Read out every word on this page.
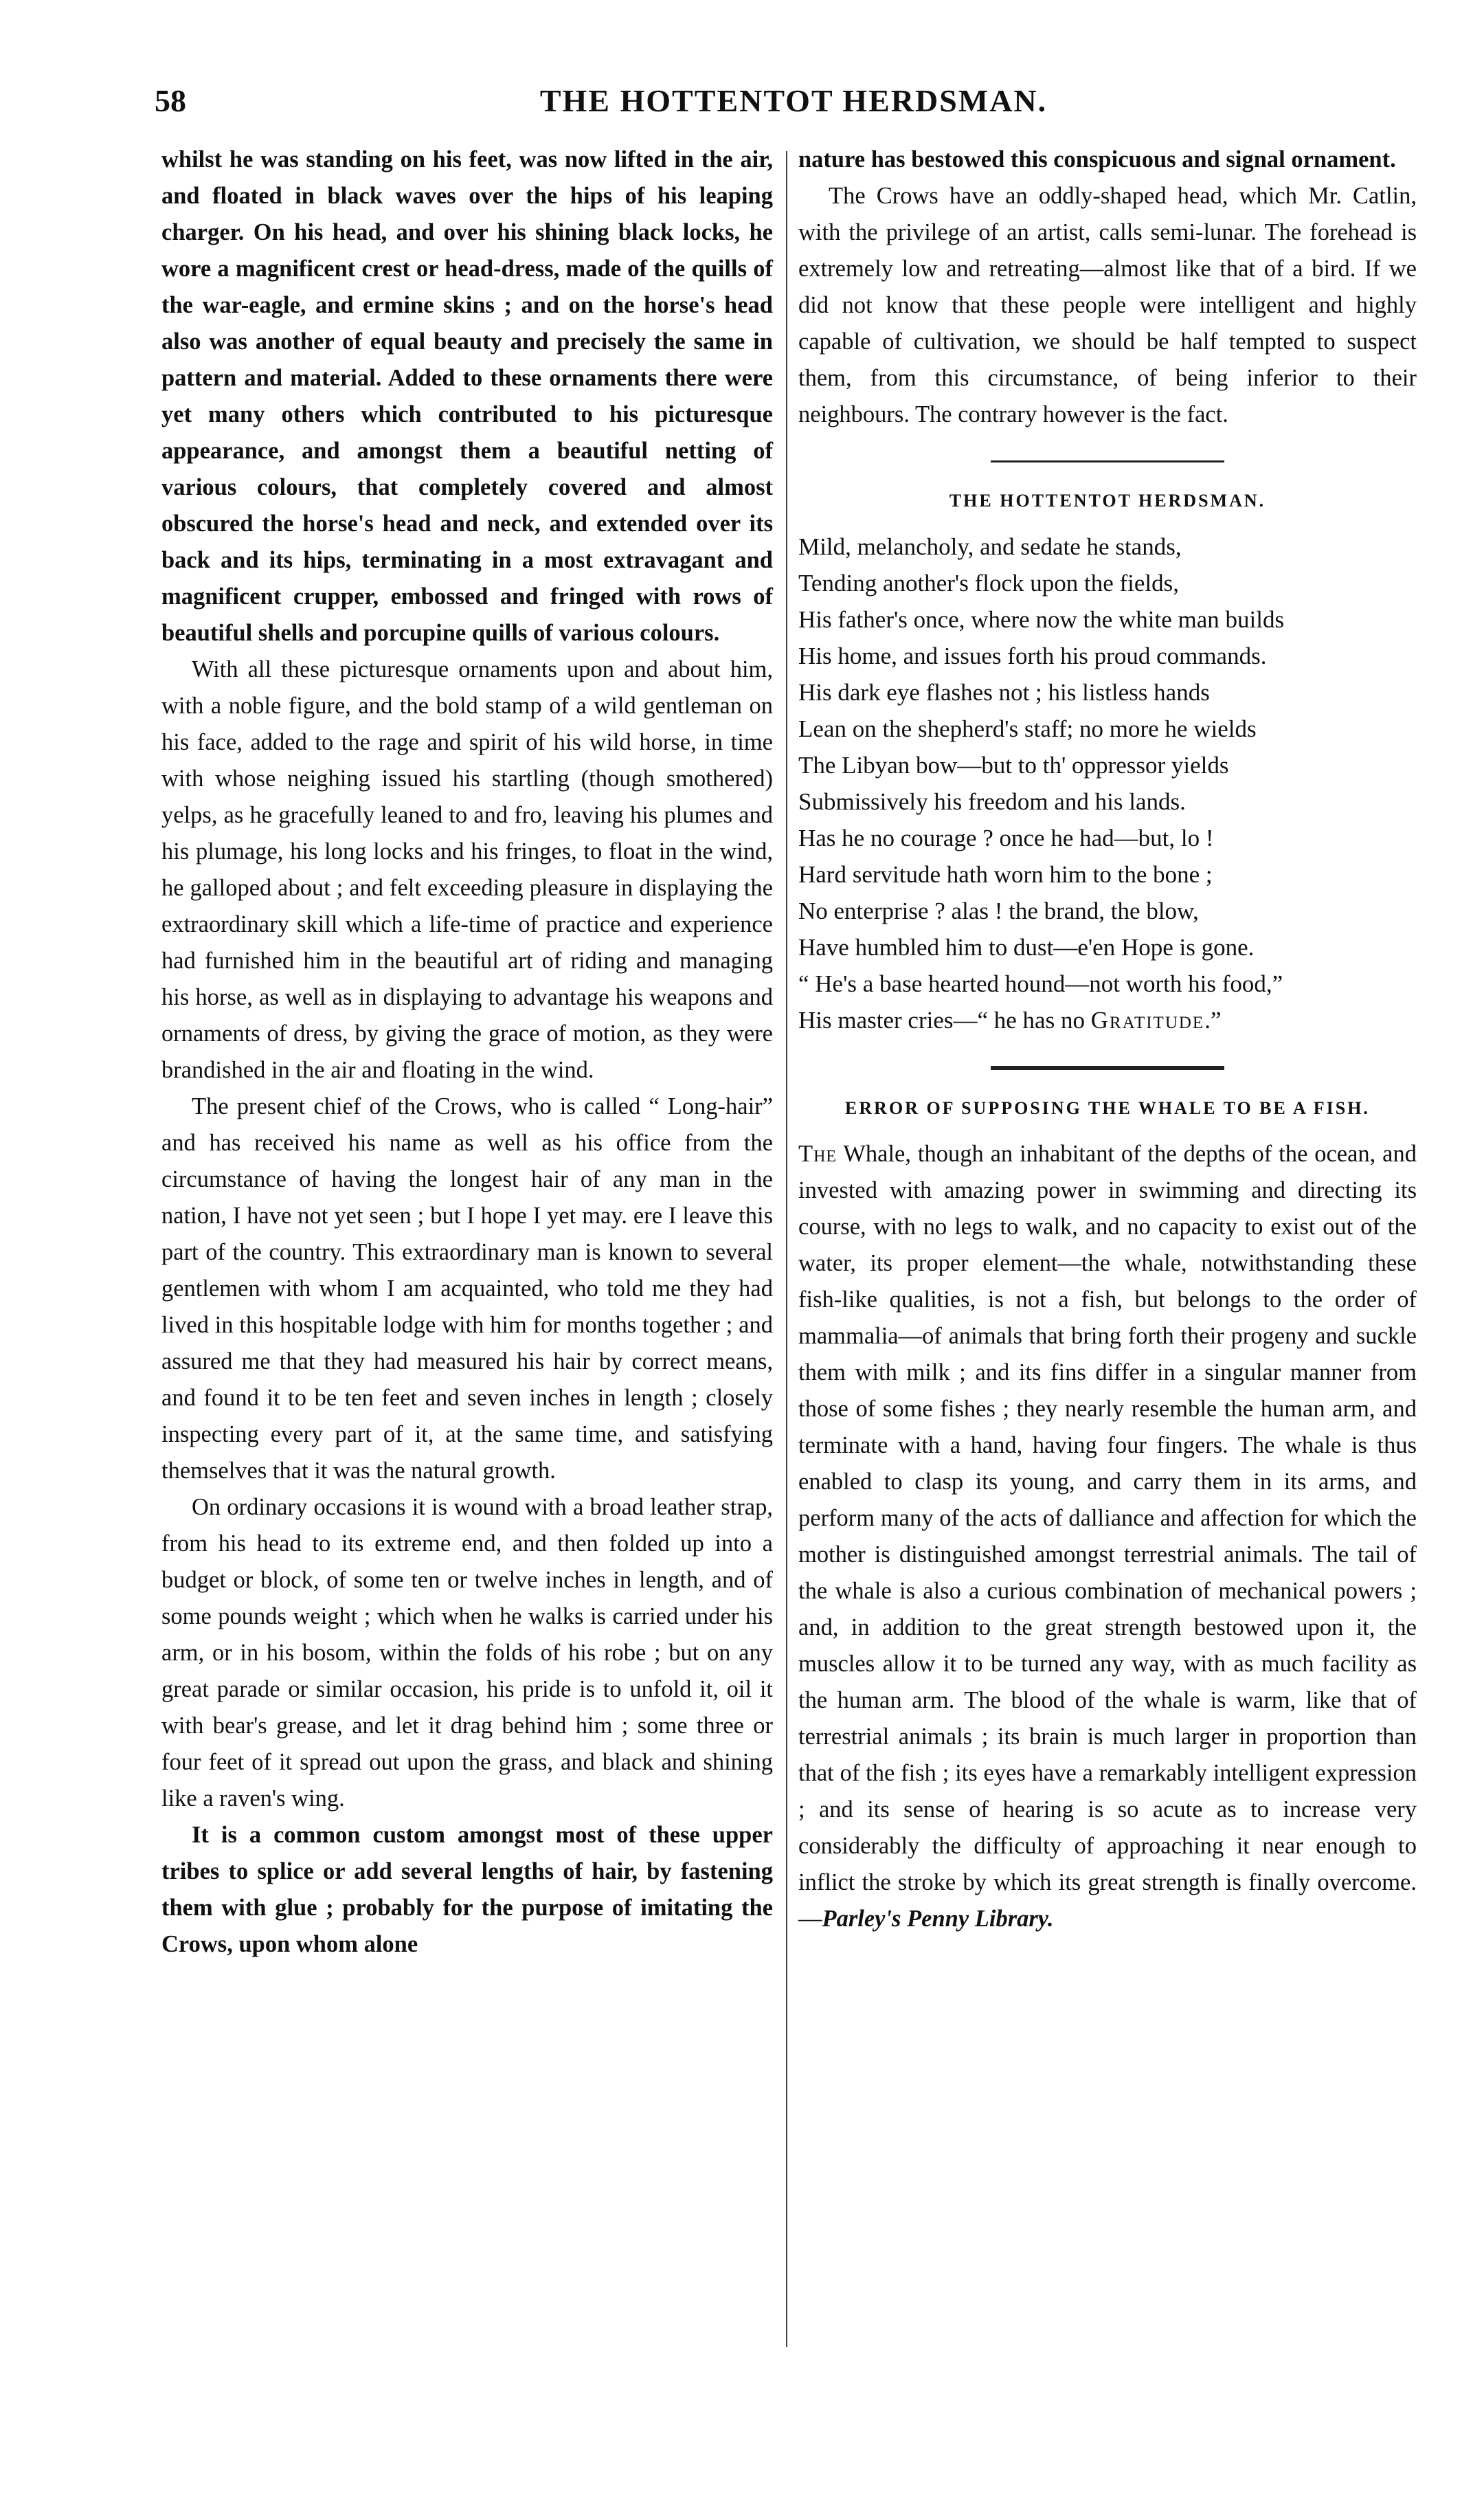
58	THE HOTTENTOT HERDSMAN.

whilst he was standing on his feet, was now lifted in the air, and floated in black waves over the hips of his leaping charger. On his head, and over his shining black locks, he wore a magnificent crest or head-dress, made of the quills of the war-eagle, and ermine skins ; and on the horse's head also was another of equal beauty and precisely the same in pattern and material. Added to these ornaments there were yet many others which contributed to his picturesque appearance, and amongst them a beautiful netting of various colours, that completely covered and almost obscured the horse's head and neck, and extended over its back and its hips, terminating in a most extravagant and magnificent crupper, embossed and fringed with rows of beautiful shells and porcupine quills of various colours.

With all these picturesque ornaments upon and about him, with a noble figure, and the bold stamp of a wild gentleman on his face, added to the rage and spirit of his wild horse, in time with whose neighing issued his startling (though smothered) yelps, as he gracefully leaned to and fro, leaving his plumes and his plumage, his long locks and his fringes, to float in the wind, he galloped about ; and felt exceeding pleasure in displaying the extraordinary skill which a life-time of practice and experience had furnished him in the beautiful art of riding and managing his horse, as well as in displaying to advantage his weapons and ornaments of dress, by giving the grace of motion, as they were brandished in the air and floating in the wind.

The present chief of the Crows, who is called “ Long-hair” and has received his name as well as his office from the circumstance of having the longest hair of any man in the nation, I have not yet seen ; but I hope I yet may. ere I leave this part of the country. This extraordinary man is known to several gentlemen with whom I am acquainted, who told me they had lived in this hospitable lodge with him for months together ; and assured me that they had measured his hair by correct means, and found it to be ten feet and seven inches in length ; closely inspecting every part of it, at the same time, and satisfying themselves that it was the natural growth.

On ordinary occasions it is wound with a broad leather strap, from his head to its extreme end, and then folded up into a budget or block, of some ten or twelve inches in length, and of some pounds weight ; which when he walks is carried under his arm, or in his bosom, within the folds of his robe ; but on any great parade or similar occasion, his pride is to unfold it, oil it with bear's grease, and let it drag behind him ; some three or four feet of it spread out upon the grass, and black and shining like a raven's wing.

It is a common custom amongst most of these upper tribes to splice or add several lengths of hair, by fastening them with glue ; probably for the purpose of imitating the Crows, upon whom alone

nature has bestowed this conspicuous and signal ornament.

The Crows have an oddly-shaped head, which Mr. Catlin, with the privilege of an artist, calls semi-lunar. The forehead is extremely low and retreating—almost like that of a bird. If we did not know that these people were intelligent and highly capable of cultivation, we should be half tempted to suspect them, from this circumstance, of being inferior to their neighbours. The contrary however is the fact.

THE HOTTENTOT HERDSMAN.
Mild, melancholy, and sedate he stands,
Tending another's flock upon the fields,
His father's once, where now the white man builds
His home, and issues forth his proud commands.
His dark eye flashes not ; his listless hands
Lean on the shepherd's staff; no more he wields
The Libyan bow—but to th' oppressor yields
Submissively his freedom and his lands.
Has he no courage ? once he had—but, lo !
Hard servitude hath worn him to the bone ;
No enterprise ? alas ! the brand, the blow,
Have humbled him to dust—e'en Hope is gone.
“ He's a base hearted hound—not worth his food,”
His master cries—“ he has no Gratitude.”
ERROR OF SUPPOSING THE WHALE TO BE A FISH.

The Whale, though an inhabitant of the depths of the ocean, and invested with amazing power in swimming and directing its course, with no legs to walk, and no capacity to exist out of the water, its proper element—the whale, notwithstanding these fish-like qualities, is not a fish, but belongs to the order of mammalia—of animals that bring forth their progeny and suckle them with milk ; and its fins differ in a singular manner from those of some fishes ; they nearly resemble the human arm, and terminate with a hand, having four fingers. The whale is thus enabled to clasp its young, and carry them in its arms, and perform many of the acts of dalliance and affection for which the mother is distinguished amongst terrestrial animals. The tail of the whale is also a curious combination of mechanical powers ; and, in addition to the great strength bestowed upon it, the muscles allow it to be turned any way, with as much facility as the human arm. The blood of the whale is warm, like that of terrestrial animals ; its brain is much larger in proportion than that of the fish ; its eyes have a remarkably intelligent expression ; and its sense of hearing is so acute as to increase very considerably the difficulty of approaching it near enough to inflict the stroke by which its great strength is finally overcome.—Parley's Penny Library.
